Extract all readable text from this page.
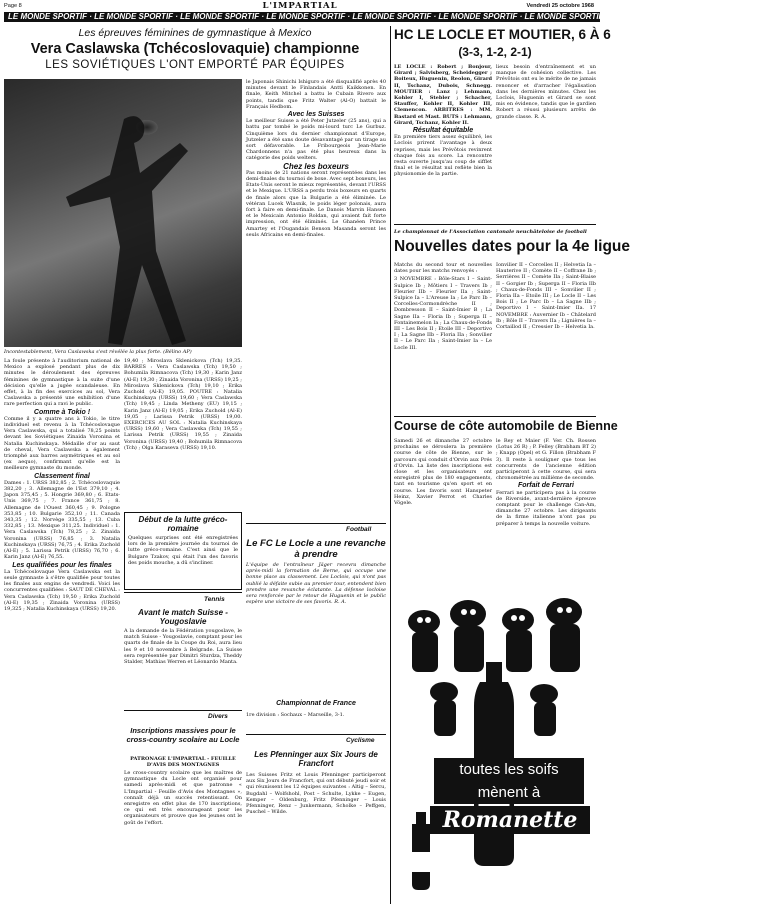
Page 8	L'IMPARTIAL	Vendredi 25 octobre 1968
LE MONDE SPORTIF · LE MONDE SPORTIF · LE MONDE SPORTIF · LE MONDE SPORTIF · LE MONDE SPORTIF · LE MONDE SPORTIF · LE MONDE SPORTIF · LE MONDE SPORTIF · LE MONDE SPORTIF
Les épreuves féminines de gymnastique à Mexico
Vera Caslawska (Tchécoslovaquie) championne
LES SOVIÉTIQUES L'ONT EMPORTÉ PAR ÉQUIPES
Incontestablement, Vera Caslawska s'est révélée la plus forte. (Bélino AP)

La foule présente à l'auditorium national de Mexico a explosé pendant plus de dix minutes le déroulement des épreuves féminines de gymnastique à la suite d'une décision qu'elle a jugée scandaleuse. En effet, à la fin des exercices au sol, Vera Caslawska a présenté une exhibition d'une rare perfection qui a ravi le public.

Comme à Tokio !

Comme il y a quatre ans à Tokio, le titre individuel est revenu à la Tchécoslovaque Vera Caslawska, qui a totalisé 78,25 points devant les Soviétiques Zinaida Voronina et Natalia Kuchinskaya. Médaille d'or au saut de cheval, Vera Caslawska a également triomphé aux barres asymétriques et au sol (ex aequo), confirmant qu'elle est la meilleure gymnaste du monde.

Classement final

Dames : 1. URSS 382,85 ; 2. Tchécoslovaquie 382,20 ; 3. Allemagne de l'Est 379,10 ; 4. Japon 375,45 ; 5. Hongrie 369,80 ; 6. Etats-Unis 369,75 ; 7. France 361,75 ; 8. Allemagne de l'Ouest 360,45 ; 9. Pologne 353,85 ; 10. Bulgarie 352,10 ; 11. Canada 343,35 ; 12. Norvège 335,55 ; 13. Cuba 332,85 ; 13. Mexique 311,25. Individuel : 1. Vera Caslawska (Tch) 78,25 ; 2. Zinaida Voronina (URSS) 76,85 ; 3. Natalia Kuchinskaya (URSS) 76,75 ; 4. Erika Zuchold (Al-E) ; 5. Larissa Petrik (URSS) 76,70 ; 6. Karin Janz (Al-E) 76,55.

Les qualifiées pour les finales

La Tchécoslovaque Vera Caslawska est la seule gymnaste à s'être qualifiée pour toutes les finales aux engins de vendredi. Voici les concurrentes qualifiées : SAUT DE CHEVAL : Vera Caslawska (Tch) 19,50 ; Erika Zuchold (Al-E) 19,35 ; Zinaida Voronina (URSS) 19,325 ; Natalia Kuchinskaya (URSS) 19,20.

19,40 ; Miroslava Sklenickova (Tch) 19,35. BARRES : Vera Caslawska (Tch) 19,50 ; Bohumila Rimnacova (Tch) 19,30 ; Karin Janz (Al-E) 19,30 ; Zinaida Voronina (URSS) 19,25 ; Miroslava Sklenickova (Tch) 19,10 ; Erika Zuchold (Al-E) 19,05. POUTRE : Natalia Kuchinskaya (URSS) 19,60 ; Vera Caslawska (Tch) 19,45 ; Linda Metheny (EU) 19,15 ; Karin Janz (Al-E) 19,05 ; Erika Zuchold (Al-E) 19,05 ; Larissa Petrik (URSS) 19,00. EXERCICES AU SOL : Natalia Kuchinskaya (URSS) 19,60 ; Vera Caslawska (Tch) 19,55 ; Larissa Petrik (URSS) 19,55 ; Zinaida Voronina (URSS) 19,40 ; Bohumila Rimnacova (Tch) ; Olga Karaseva (URSS) 19,10.

le Japonais Shinichi Ishiguro a été disqualifié après 40 minutes devant le Finlandais Antti Kaikkonen. En finale, Keith Mitchel a battu le Cubain Rivero aux points, tandis que Fritz Walter (Al-O) battait le Français Hedbom.

Avec les Suisses

Le meilleur Suisse a été Peter Jutzeler (25 ans), qui a battu par tombé le poids mi-lourd turc Le Gurbuz. Cinquième lors du dernier championnat d'Europe, Jutzeler a été sans doute désavantagé par un tirage au sort défavorable. Le Fribourgeois Jean-Marie Chardonnens n'a pas été plus heureux dans la catégorie des poids welters.

Chez les boxeurs

Pas moins de 21 nations seront représentées dans les demi-finales du tournoi de boxe. Avec sept boxeurs, les Etats-Unis seront le mieux représentés, devant l'URSS et le Mexique. L'URSS a perdu trois boxeurs en quarts de finale alors que la Bulgarie a été éliminée. Le vétéran Lucek Wlasnik, le poids léger polonais, aura fort à faire en demi-finale. Le Danois Marvin Hansen et le Mexicain Antonio Roldan, qui avaient fait forte impression, ont été éliminés. Le Ghanéen Prince Amartey et l'Ougandais Benson Masanda seront les seuls Africains en demi-finales.

Début de la lutte gréco-romaine
Quelques surprises ont été enregistrées lors de la première journée du tournoi de lutte gréco-romaine. C'est ainsi que le Bulgare Tzakov, qui était l'un des favoris des poids mouche, a dû s'incliner.
Tennis
Avant le match Suisse - Yougoslavie
A la demande de la Fédération yougoslave, le match Suisse - Yougoslavie, comptant pour les quarts de finale de la Coupe du Roi, aura lieu les 9 et 10 novembre à Belgrade. La Suisse sera représentée par Dimitri Sturdza, Theddy Stalder, Mathias Werren et Léonardo Manta.
Divers
Inscriptions massives pour le cross-country scolaire au Locle
PATRONAGE L'IMPARTIAL - FEUILLE D'AVIS DES MONTAGNES
Le cross-country scolaire que les maîtres de gymnastique du Locle ont organisé pour samedi après-midi et que patronne « L'Impartial - Feuille d'Avis des Montagnes », connaît déjà un succès retentissant. On enregistre en effet plus de 170 inscriptions, ce qui est très encourageant pour les organisateurs et prouve que les jeunes ont le goût de l'effort.
Football
Le FC Le Locle a une revanche à prendre
L'équipe de l'entraîneur Jäger recevra dimanche après-midi la formation de Berne, qui occupe une bonne place au classement. Les Loclois, qui n'ont pas oublié la défaite subie au premier tour, entendent bien prendre une revanche éclatante. La défense locloise sera renforcée par le retour de Huguenin et le public espère une victoire de ses favoris. R. A.
Championnat de France
1re division : Sochaux – Marseille, 3-1.
Cyclisme
Les Pfenninger aux Six Jours de Francfort
Les Suisses Fritz et Louis Pfenninger participeront aux Six Jours de Francfort, qui ont débuté jeudi soir et qui réunissent les 12 équipes suivantes : Altig – Sercu, Bugdahl – Wolfshohl, Post – Schulte, Lykke – Eugen, Kemper – Oldenburg, Fritz Pfenninger – Louis Pfenninger, Renz – Junkermann, Scholke – Peffgen, Puschel – Wilde.
HC LE LOCLE ET MOUTIER, 6 À 6
(3-3, 1-2, 2-1)

LE LOCLE : Robert ; Bonjour, Girard ; Salvisberg, Scheidegger ; Boiteux, Huguenin, Reolon, Girard II, Tschanz, Dubois, Schnegg. MOUTIER : Lanz ; Lehmann, Kohler I, Stebler ; Schacher, Stauffer, Kohler II, Kohler III, Clemencon. ARBITRES : MM. Bastard et Mast. BUTS : Lehmann, Girard, Tschanz, Kohler II.

Résultat équitable

En première tiers assez équilibré, les Loclois prirent l'avantage à deux reprises, mais les Prévôtois revinrent chaque fois au score. La rencontre resta ouverte jusqu'au coup de sifflet final et le résultat nul reflète bien la physionomie de la partie.

lieux besoin d'entraînement et un manque de cohésion collective. Les Prévôtois ont eu le mérite de ne jamais renoncer et d'arracher l'égalisation dans les dernières minutes. Chez les Loclois, Huguenin et Girard se sont mis en évidence, tandis que le gardien Robert a réussi plusieurs arrêts de grande classe. R. A.

Le championnat de l'Association cantonale neuchâteloise de football
Nouvelles dates pour la 4e ligue

Matchs du second tour et nouvelles dates pour les matchs renvoyés :

3 NOVEMBRE : Bôle-Stars I – Saint-Sulpice Ib ; Môtiers I – Travers Ib ; Fleurier IIb – Fleurier IIa ; Saint-Sulpice Ia – L'Areuse Ia ; Le Parc Ib – Corcelles-Cormondrèche II ; Dombresson II – Saint-Imier B ; La Sagne IIa – Floria Ib ; Superga II – Fontainemelon Ia ; La Chaux-de-Fonds III – Les Bois II ; Etoile III – Deportivo I ; La Sagne IIb – Floria IIa ; Sonvilier II – Le Parc IIa ; Saint-Imier Ia – Le Locle III.

Ionvilier II – Corcelles II ; Helvetia Ia – Hauterive II ; Comète II – Coffrane Ib ; Serrières II – Comète IIa ; Saint-Blaise II – Gorgier Ib ; Superga II – Floria IIb ; Chaux-de-Fonds III – Sonvilier II ; Floria IIa – Etoile III ; Le Locle II – Les Bois II ; Le Parc Ib – La Sagne IIb ; Deportivo I – Saint-Imier IIa. 17 NOVEMBRE : Auvernier Ib – Châtelard Ib ; Bôle II – Travers IIa ; Lignières Ia – Cortaillod II ; Cressier Ib – Helvetia Ia.

Course de côte automobile de Bienne

Samedi 26 et dimanche 27 octobre prochains se déroulera la première course de côte de Bienne, sur le parcours qui conduit d'Orvin aux Prés d'Orvin. La liste des inscriptions est close et les organisateurs ont enregistré plus de 180 engagements, tant en tourisme qu'en sport et en course. Les favoris sont Hanspeter Heinz, Xavier Perrot et Charles Vögele.

le Rey et Maier (F. Ver. Ch. Rossen (Lotus 26 R) ; P. Felley (Brabham BT 2) ; Knapp (Opel) et G. Fillon (Brabham F 3). Il reste à souligner que tous les concurrents de l'ancienne édition participeront à cette course, qui sera chronométrée au millième de seconde.

Forfait de Ferrari

Ferrari ne participera pas à la course de Riverside, avant-dernière épreuve comptant pour le challenge Can-Am, dimanche 27 octobre. Les dirigeants de la firme italienne n'ont pas pu préparer à temps la nouvelle voiture.

toutes les soifs
mènent à
Romanette
